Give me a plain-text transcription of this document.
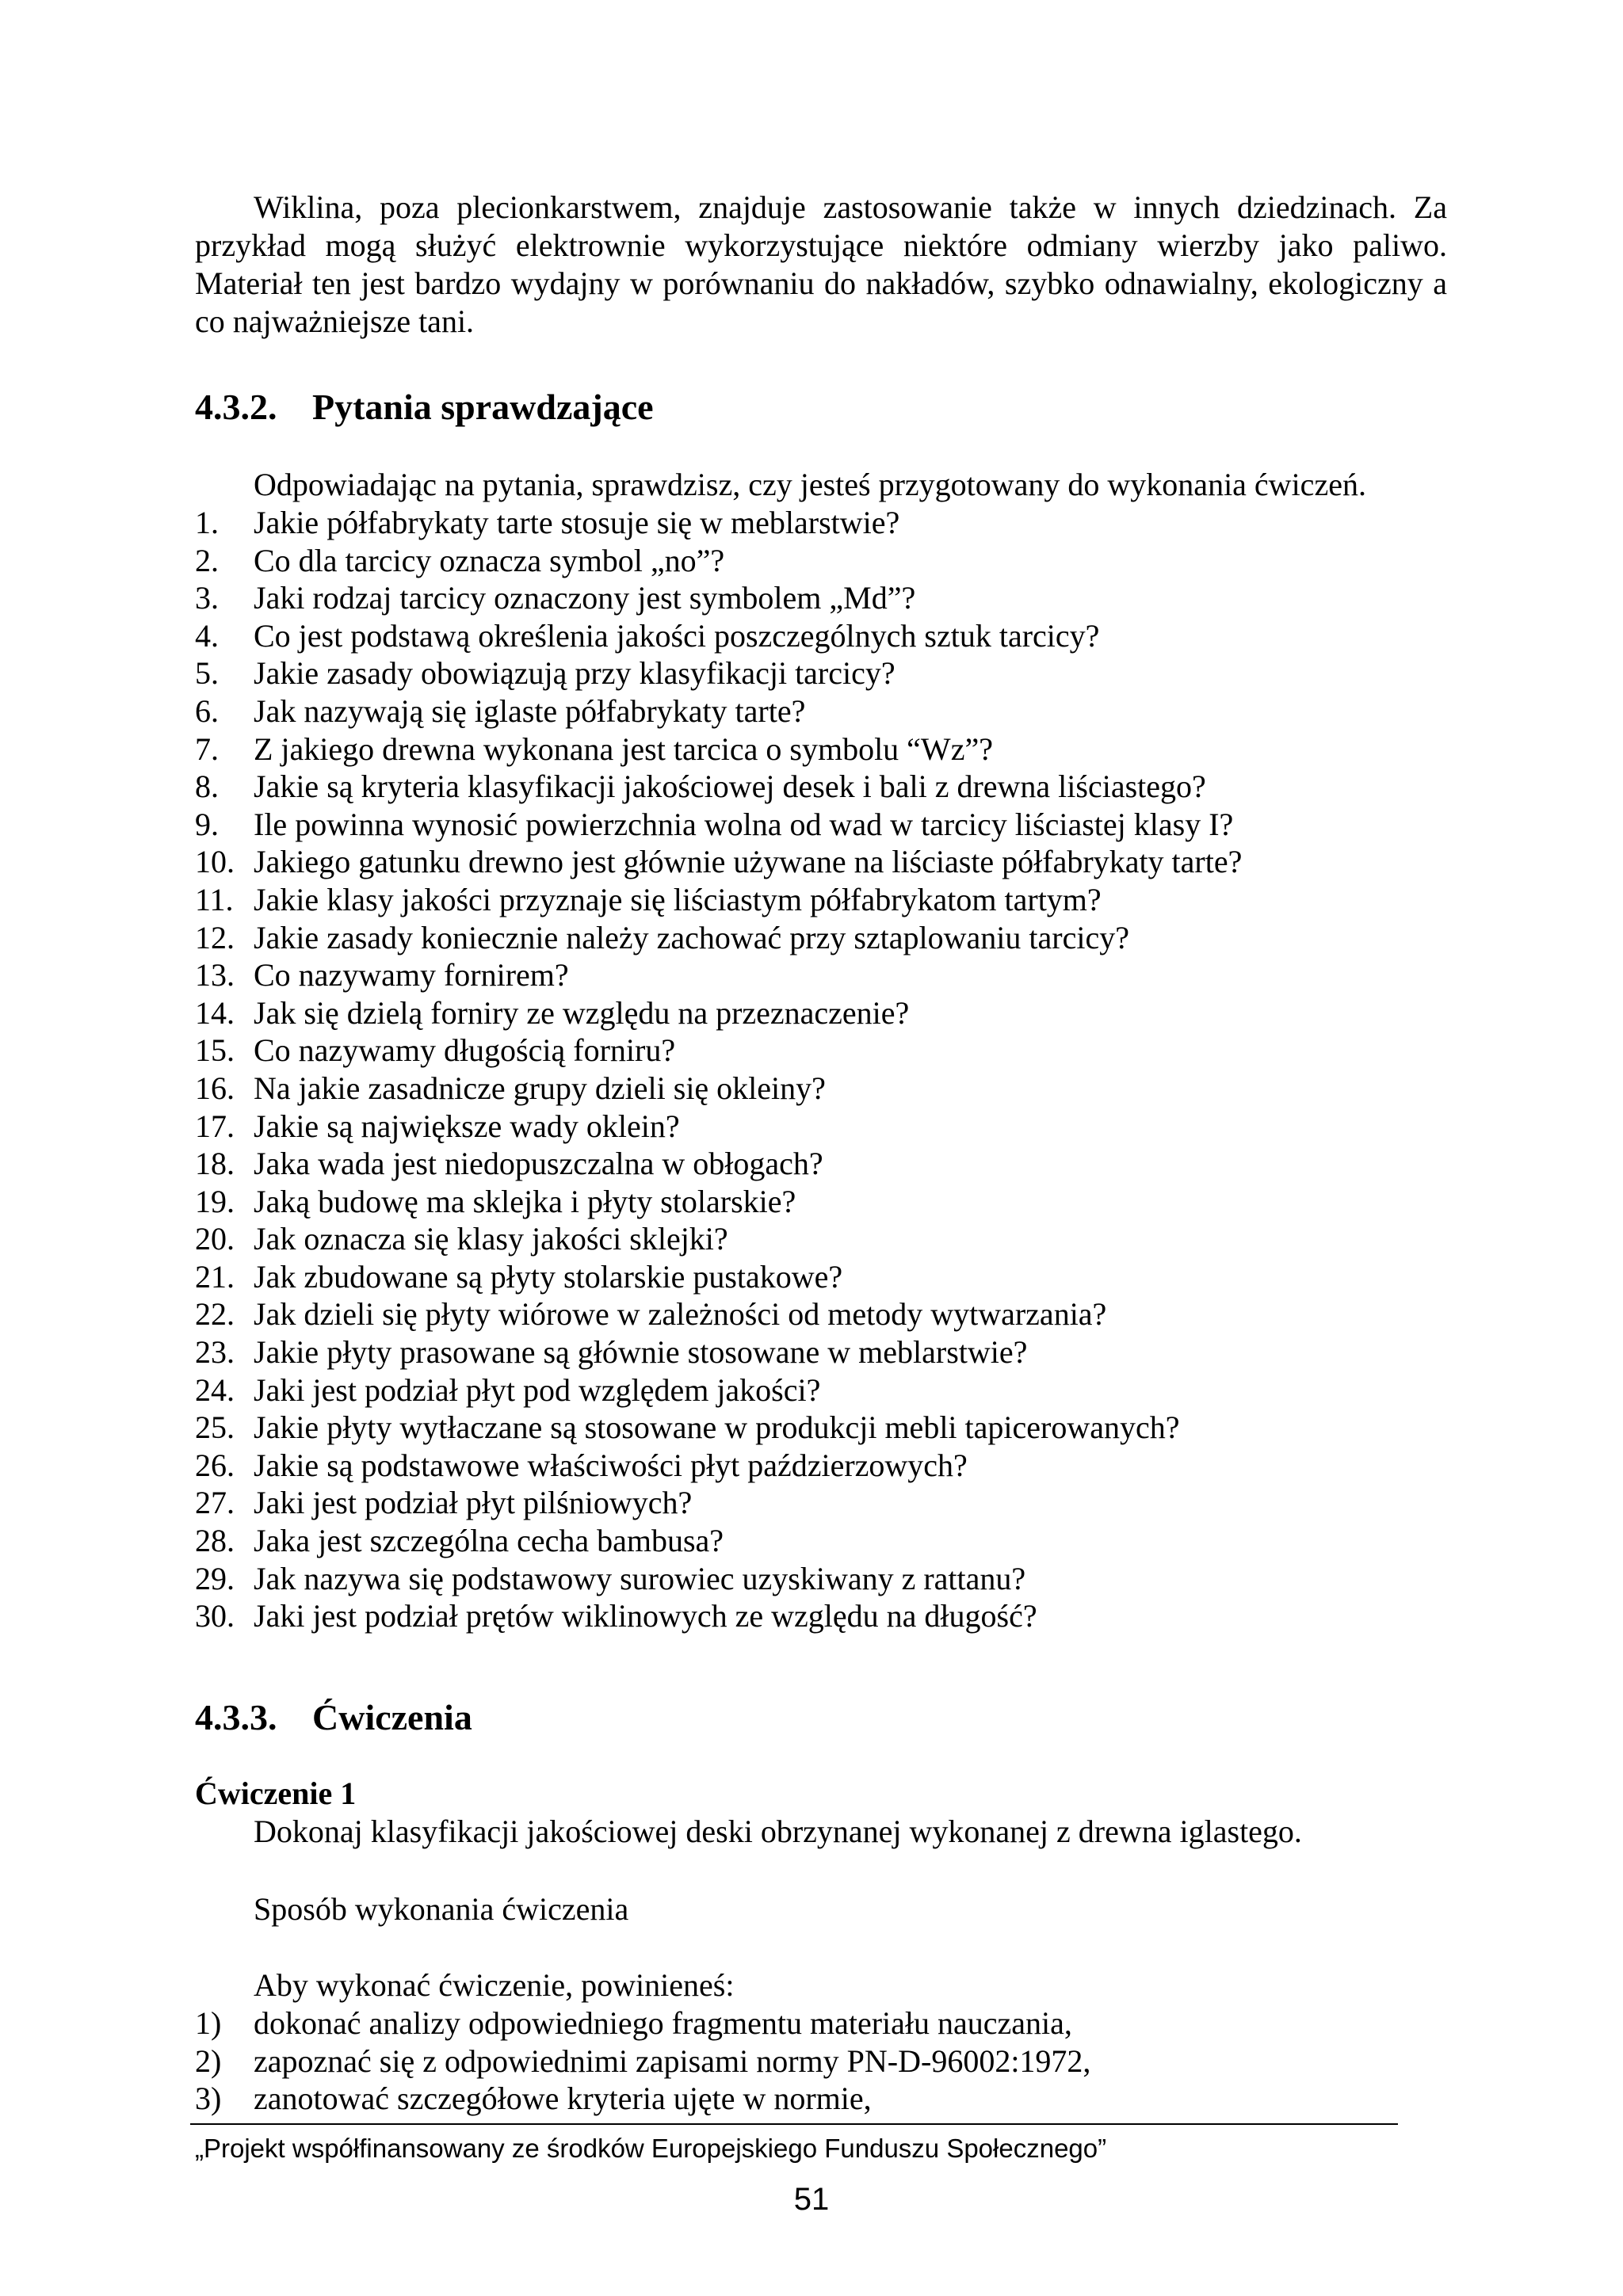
Wiklina, poza plecionkarstwem, znajduje zastosowanie także w innych dziedzinach. Za przykład mogą służyć elektrownie wykorzystujące niektóre odmiany wierzby jako paliwo. Materiał ten jest bardzo wydajny w porównaniu do nakładów, szybko odnawialny, ekologiczny a co najważniejsze tani.

4.3.2. Pytania sprawdzające

Odpowiadając na pytania, sprawdzisz, czy jesteś przygotowany do wykonania ćwiczeń.

1.	Jakie półfabrykaty tarte stosuje się w meblarstwie?
2.	Co dla tarcicy oznacza symbol „no”?
3.	Jaki rodzaj tarcicy oznaczony jest symbolem „Md”?
4.	Co jest podstawą określenia jakości poszczególnych sztuk tarcicy?
5.	Jakie zasady obowiązują przy klasyfikacji tarcicy?
6.	Jak nazywają się iglaste półfabrykaty tarte?
7.	Z jakiego drewna wykonana jest tarcica o symbolu “Wz”?
8.	Jakie są kryteria klasyfikacji jakościowej desek i bali z drewna liściastego?
9.	Ile powinna wynosić powierzchnia wolna od wad w tarcicy liściastej klasy I?
10. Jakiego gatunku drewno jest głównie używane na liściaste półfabrykaty tarte?
11. Jakie klasy jakości przyznaje się liściastym półfabrykatom tartym?
12. Jakie zasady koniecznie należy zachować przy sztaplowaniu tarcicy?
13. Co nazywamy fornirem?
14. Jak się dzielą forniry ze względu na przeznaczenie?
15. Co nazywamy długością forniru?
16. Na jakie zasadnicze grupy dzieli się okleiny?
17. Jakie są największe wady oklein?
18. Jaka wada jest niedopuszczalna w obłogach?
19. Jaką budowę ma sklejka i płyty stolarskie?
20. Jak oznacza się klasy jakości sklejki?
21. Jak zbudowane są płyty stolarskie pustakowe?
22. Jak dzieli się płyty wiórowe w zależności od metody wytwarzania?
23. Jakie płyty prasowane są głównie stosowane w meblarstwie?
24. Jaki jest podział płyt pod względem jakości?
25. Jakie płyty wytłaczane są stosowane w produkcji mebli tapicerowanych?
26. Jakie są podstawowe właściwości płyt paździerzowych?
27. Jaki jest podział płyt pilśniowych?
28. Jaka jest szczególna cecha bambusa?
29. Jak nazywa się podstawowy surowiec uzyskiwany z rattanu?
30. Jaki jest podział prętów wiklinowych ze względu na długość?
4.3.3. Ćwiczenia

Ćwiczenie 1

Dokonaj klasyfikacji jakościowej deski obrzynanej wykonanej z drewna iglastego.

Sposób wykonania ćwiczenia

Aby wykonać ćwiczenie, powinieneś:

1) dokonać analizy odpowiedniego fragmentu materiału nauczania,
2) zapoznać się z odpowiednimi zapisami normy PN-D-96002:1972,
3) zanotować szczegółowe kryteria ujęte w normie,
„Projekt współfinansowany ze środków Europejskiego Funduszu Społecznego”
51
